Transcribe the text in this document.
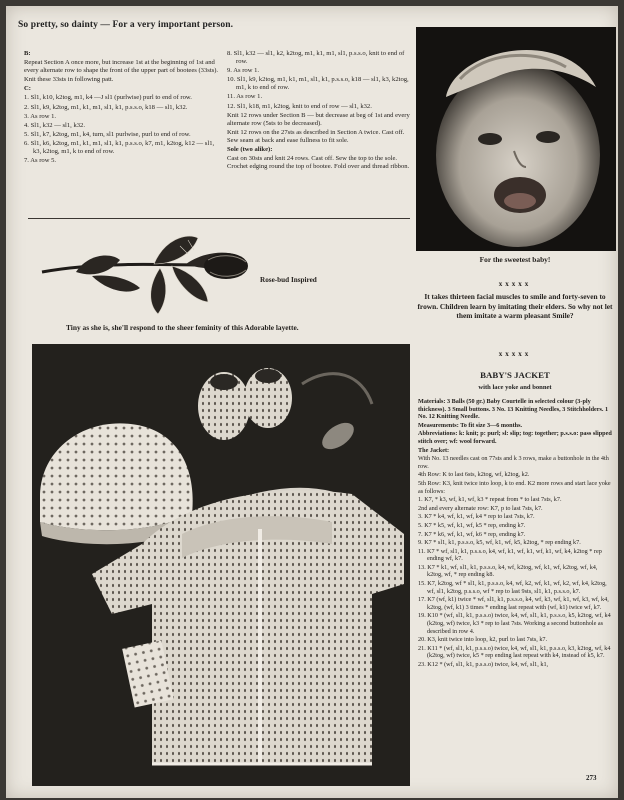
So pretty, so dainty — For a very important person.

B:

Repeat Section A once more, but increase 1st at the beginning of 1st and every alternate row to shape the front of the upper part of bootees (33sts).

Knit these 33sts in following patt.

C:

1. Sl1, k10, k2tog, m1, k4 —J sl1 (purlwise) purl to end of row.

2. Sl1, k9, k2tog, m1, k1, m1, sl1, k1, p.s.s.o, k18 — sl1, k32.

3. As row 1.

4. Sl1, k32 — sl1, k32.

5. Sl1, k7, k2tog, m1, k4, turn, sl1 purlwise, purl to end of row.

6. Sl1, k6, k2tog, m1, k1, m1, sl1, k1, p.s.s.o, k7, m1, k2tog, k12 — sl1, k3, k2tog, m1, k to end of row.

7. As row 5.

8. Sl1, k32 — sl1, k2, k2tog, m1, k1, m1, sl1, p.s.s.o, knit to end of row.

9. As row 1.

10. Sl1, k9, k2tog, m1, k1, m1, sl1, k1, p.s.s.o, k18 — sl1, k3, k2tog, m1, k to end of row.

11. As row 1.

12. Sl1, k18, m1, k2tog, knit to end of row — sl1, k32.

Knit 12 rows under Section B — but decrease at beg of 1st and every alternate row (5sts to be decreased).

Knit 12 rows on the 27sts as described in Section A twice. Cast off. Sew seam at back and ease fullness to fit sole.

Sole (two alike):

Cast on 30sts and knit 24 rows. Cast off. Sew the top to the sole. Crochet edging round the top of bootee. Fold over and thread ribbon.

Rose-bud Inspired
Tiny as she is, she'll respond to the sheer feminity of this Adorable layette.
For the sweetest baby!
xxxxx
It takes thirteen facial muscles to smile and forty-seven to frown. Children learn by imitating their elders. So why not let them imitate a warm pleasant Smile?
xxxxx
BABY'S JACKET
with lace yoke and bonnet

Materials: 3 Balls (50 gr.) Baby Courtelle in selected colour (3-ply thickness). 3 Small buttons. 3 No. 13 Knitting Needles, 3 Stitchholders. 1 No. 12 Knitting Needle.

Measurements: To fit size 3—6 months.

Abbreviations: k: knit; p: purl; sl: slip; tog: together; p.s.s.o: pass slipped stitch over; wf: wool forward.

The Jacket:

With No. 13 needles cast on 77sts and k 3 rows, make a buttonhole in the 4th row.

4th Row: K to last 6sts, k2tog, wf, k2tog, k2.

5th Row: K3, knit twice into loop, k to end. K2 more rows and start lace yoke as follows:

1. K7, * k3, wf, k1, wf, k3 * repeat from * to last 7sts, k7.

2nd and every alternate row: K7, p to last 7sts, k7.

3. K7 * k4, wf, k1, wf, k4 * rep to last 7sts, k7.

5. K7 * k5, wf, k1, wf, k5 * rep, ending k7.

7. K7 * k6, wf, k1, wf, k6 * rep, ending k7.

9. K7 * sl1, k1, p.s.s.o, k5, wf, k1, wf, k5, k2tog, * rep ending k7.

11. K7 * wf, sl1, k1, p.s.s.o, k4, wf, k1, wf, k1, wf, k1, wf, k4, k2tog * rep ending wf, k7.

13. K7 * k1, wf, sl1, k1, p.s.s.o, k4, wf, k2tog, wf, k1, wf, k2tog, wf, k4, k2tog, wf, * rep ending k8.

15. K7, k2tog, wf * sl1, k1, p.s.s.o, k4, wf, k2, wf, k1, wf, k2, wf, k4, k2tog, wf, sl1, k2tog, p.s.s.o, wf * rep to last 9sts, sl1, k1, p.s.s.o, k7.

17. K7 (wf, k1) twice * wf, sl1, k1, p.s.s.o, k4, wf, k3, wf, k1, wf, k3, wf, k4, k2tog, (wf, k1) 3 times * ending last repeat with (wf, k1) twice wf, k7.

19. K10 * (wf, sl1, k1, p.s.s.o) twice, k4, wf, sl1, k1, p.s.s.o, k5, k2tog, wf, k4 (k2tog, wf) twice, k3 * rep to last 7sts. Working a second buttonhole as described in row 4.

20. K3, knit twice into loop, k2, purl to last 7sts, k7.

21. K11 * (wf, sl1, k1, p.s.s.o) twice, k4, wf, sl1, k1, p.s.s.o, k3, k2tog, wf, k4 (k2tog, wf) twice, k5 * rep ending last repeat with k4, instead of k5, k7.

23. K12 * (wf, sl1, k1, p.s.s.o) twice, k4, wf, sl1, k1,

273
